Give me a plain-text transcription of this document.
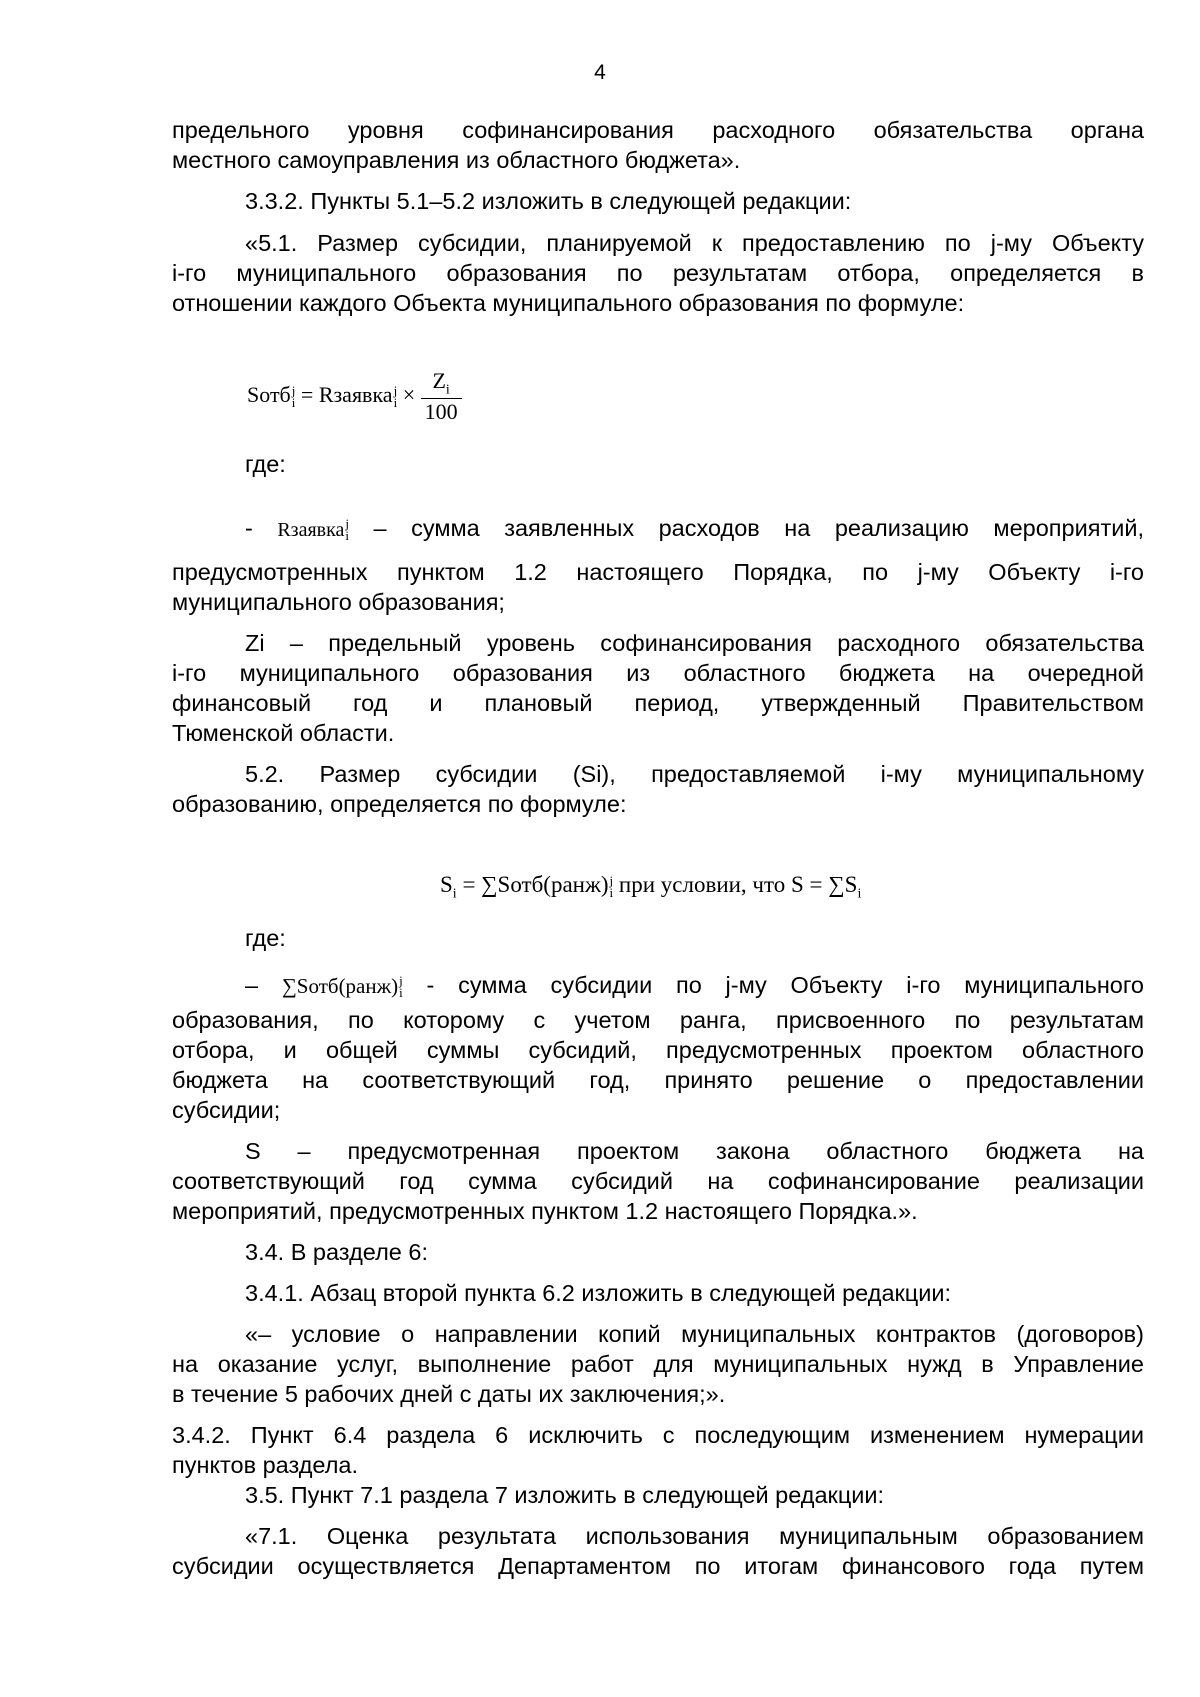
4
предельного уровня софинансирования расходного обязательства органа
местного самоуправления из областного бюджета».
3.3.2. Пункты 5.1–5.2 изложить в следующей редакции:
«5.1. Размер субсидии, планируемой к предоставлению по j-му Объекту
i-го муниципального образования по результатам отбора, определяется в
отношении каждого Объекта муниципального образования по формуле:
Sотб j
i = Rзаявка j
$i \times \frac{Z_i}{100}$
где:
- Rзаявка j
i – сумма заявленных расходов на реализацию мероприятий,
предусмотренных пунктом 1.2 настоящего Порядка, по j-му Объекту i-го
муниципального образования;
Zi – предельный уровень софинансирования расходного обязательства
i-го муниципального образования из областного бюджета на очередной
финансовый год и плановый период, утвержденный Правительством
Тюменской области.
5.2. Размер субсидии (Si), предоставляемой i-му муниципальному
образованию, определяется по формуле:
$S_i$ = ∑Sотб(ранж) j
i при условии, что $S = \sum S_i$
где:
– ∑Sотб(ранж) j
i - сумма субсидии по j-му Объекту i-го муниципального
образования, по которому с учетом ранга, присвоенного по результатам
отбора, и общей суммы субсидий, предусмотренных проектом областного
бюджета на соответствующий год, принято решение о предоставлении
субсидии;
S – предусмотренная проектом закона областного бюджета на
соответствующий год сумма субсидий на софинансирование реализации
мероприятий, предусмотренных пунктом 1.2 настоящего Порядка.».
3.4. В разделе 6:
3.4.1. Абзац второй пункта 6.2 изложить в следующей редакции:
«– условие о направлении копий муниципальных контрактов (договоров)
на оказание услуг, выполнение работ для муниципальных нужд в Управление
в течение 5 рабочих дней с даты их заключения;».
3.4.2. Пункт 6.4 раздела 6 исключить с последующим изменением нумерации
пунктов раздела.
3.5. Пункт 7.1 раздела 7 изложить в следующей редакции:
«7.1. Оценка результата использования муниципальным образованием
субсидии осуществляется Департаментом по итогам финансового года путем
